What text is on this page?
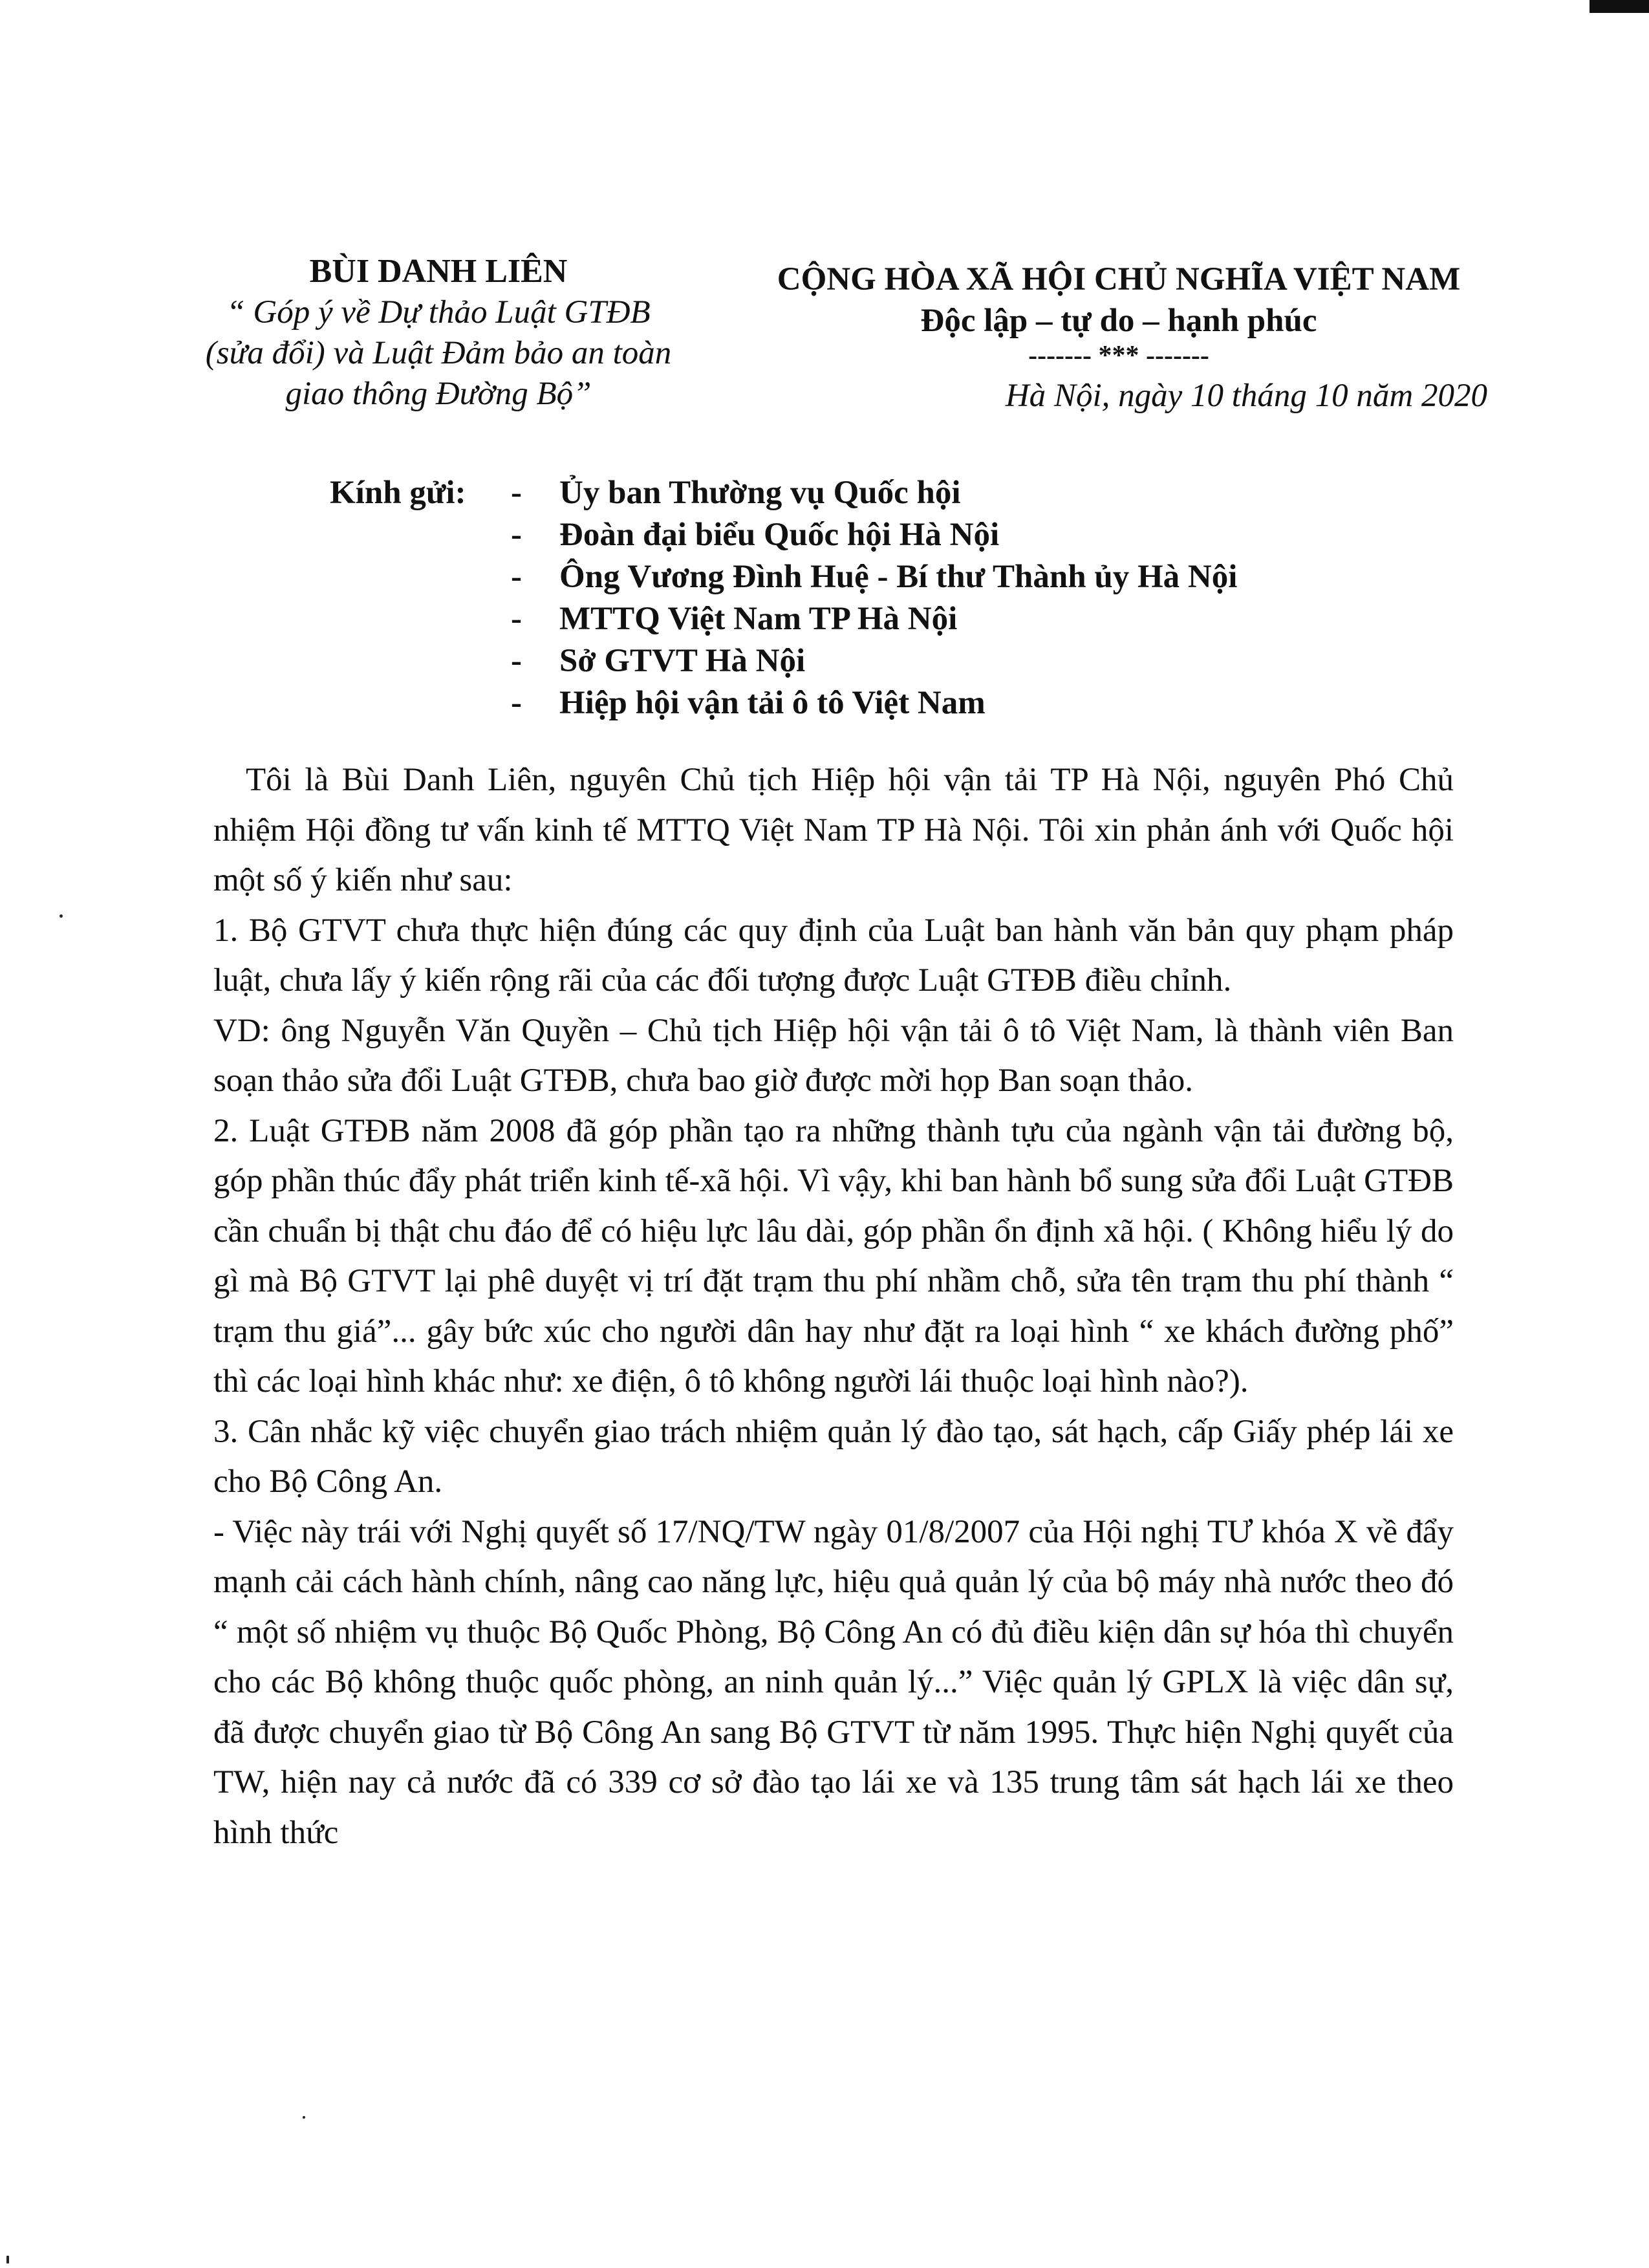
BÙI DANH LIÊN
“ Góp ý về Dự thảo Luật GTĐB
(sửa đổi) và Luật Đảm bảo an toàn
giao thông Đường Bộ”
CỘNG HÒA XÃ HỘI CHỦ NGHĨA VIỆT NAM
Độc lập – tự do – hạnh phúc
------- *** -------
Hà Nội, ngày 10 tháng 10 năm 2020
Kính gửi:	-	Ủy ban Thường vụ Quốc hội
-	Đoàn đại biểu Quốc hội Hà Nội
-	Ông Vương Đình Huệ - Bí thư Thành ủy Hà Nội
-	MTTQ Việt Nam TP Hà Nội
-	Sở GTVT Hà Nội
-	Hiệp hội vận tải ô tô Việt Nam

Tôi là Bùi Danh Liên, nguyên Chủ tịch Hiệp hội vận tải TP Hà Nội, nguyên Phó Chủ nhiệm Hội đồng tư vấn kinh tế MTTQ Việt Nam TP Hà Nội. Tôi xin phản ánh với Quốc hội một số ý kiến như sau:

1. Bộ GTVT chưa thực hiện đúng các quy định của Luật ban hành văn bản quy phạm pháp luật, chưa lấy ý kiến rộng rãi của các đối tượng được Luật GTĐB điều chỉnh.

VD: ông Nguyễn Văn Quyền – Chủ tịch Hiệp hội vận tải ô tô Việt Nam, là thành viên Ban soạn thảo sửa đổi Luật GTĐB, chưa bao giờ được mời họp Ban soạn thảo.

2. Luật GTĐB năm 2008 đã góp phần tạo ra những thành tựu của ngành vận tải đường bộ, góp phần thúc đẩy phát triển kinh tế-xã hội. Vì vậy, khi ban hành bổ sung sửa đổi Luật GTĐB cần chuẩn bị thật chu đáo để có hiệu lực lâu dài, góp phần ổn định xã hội. ( Không hiểu lý do gì mà Bộ GTVT lại phê duyệt vị trí đặt trạm thu phí nhầm chỗ, sửa tên trạm thu phí thành “ trạm thu giá”... gây bức xúc cho người dân hay như đặt ra loại hình “ xe khách đường phố” thì các loại hình khác như: xe điện, ô tô không người lái thuộc loại hình nào?).

3. Cân nhắc kỹ việc chuyển giao trách nhiệm quản lý đào tạo, sát hạch, cấp Giấy phép lái xe cho Bộ Công An.

- Việc này trái với Nghị quyết số 17/NQ/TW ngày 01/8/2007 của Hội nghị TƯ khóa X về đẩy mạnh cải cách hành chính, nâng cao năng lực, hiệu quả quản lý của bộ máy nhà nước theo đó “ một số nhiệm vụ thuộc Bộ Quốc Phòng, Bộ Công An có đủ điều kiện dân sự hóa thì chuyển cho các Bộ không thuộc quốc phòng, an ninh quản lý...” Việc quản lý GPLX là việc dân sự, đã được chuyển giao từ Bộ Công An sang Bộ GTVT từ năm 1995. Thực hiện Nghị quyết của TW, hiện nay cả nước đã có 339 cơ sở đào tạo lái xe và 135 trung tâm sát hạch lái xe theo hình thức
